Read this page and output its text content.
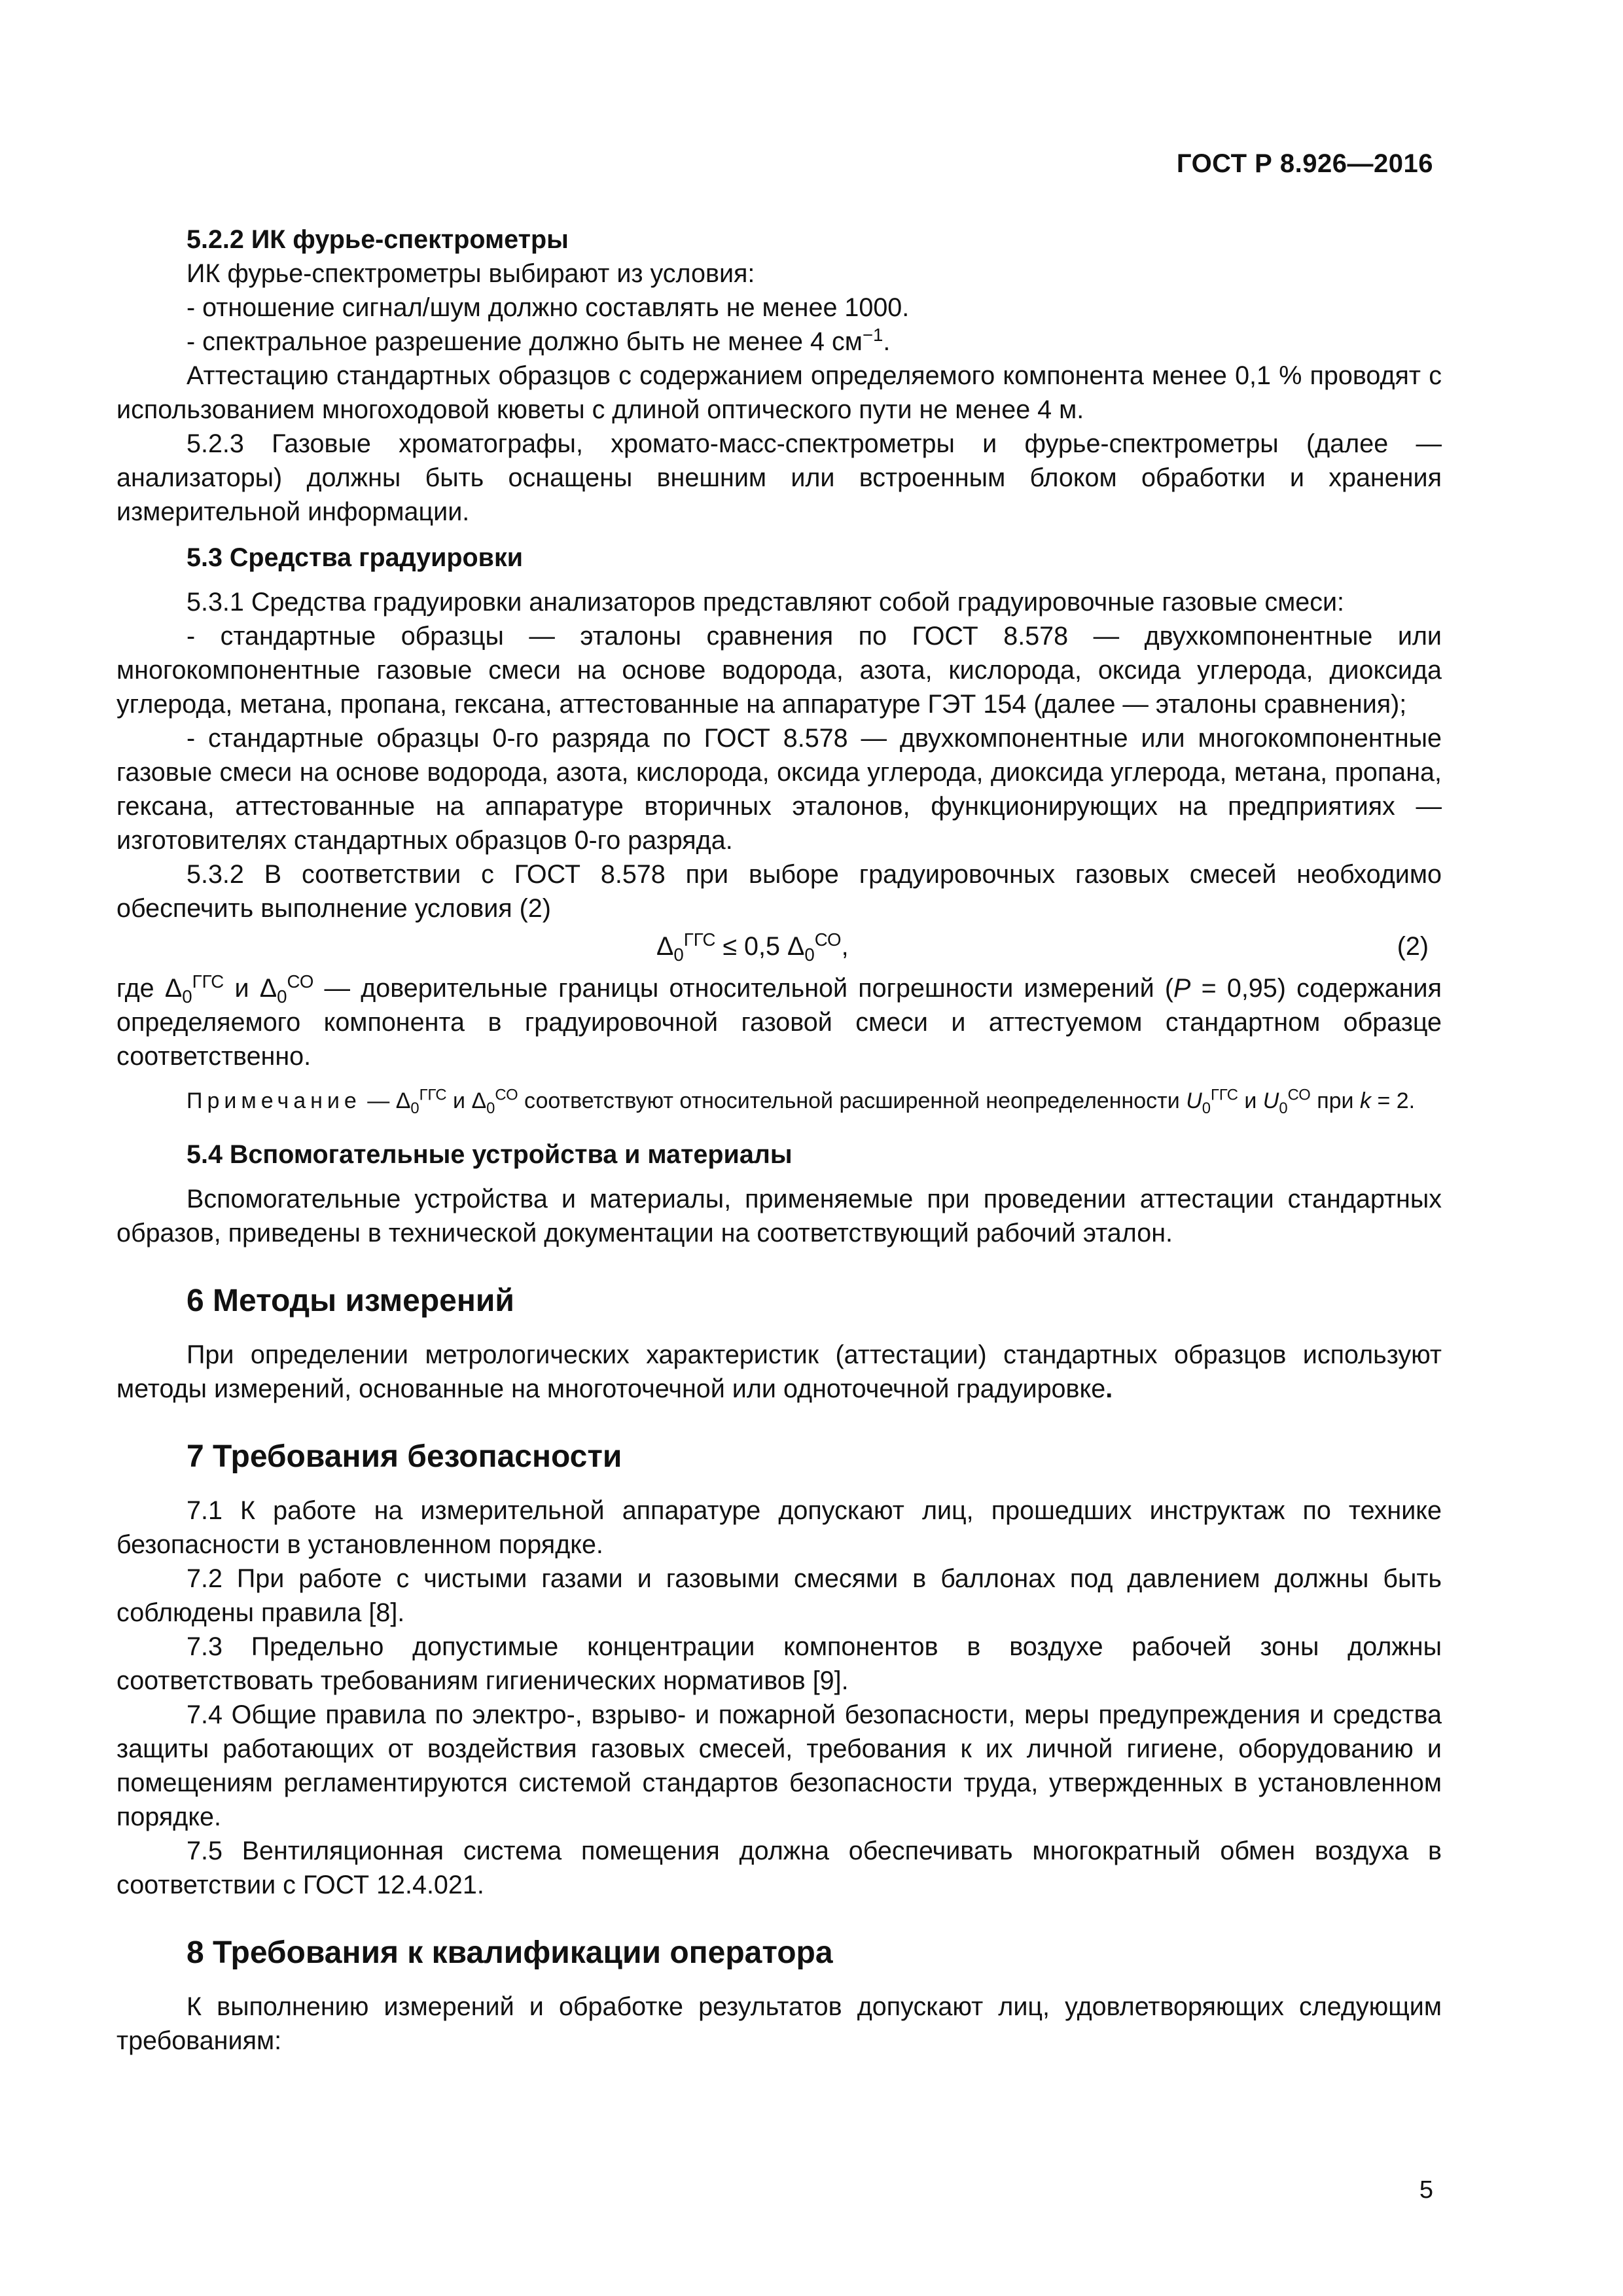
ГОСТ Р 8.926—2016

5.2.2 ИК фурье-спектрометры

ИК фурье-спектрометры выбирают из условия:

- отношение сигнал/шум должно составлять не менее 1000.

- спектральное разрешение должно быть не менее 4 $см^{-1}$.

Аттестацию стандартных образцов с содержанием определяемого компонента менее 0,1 % проводят с использованием многоходовой кюветы с длиной оптического пути не менее 4 м.

5.2.3 Газовые хроматографы, хромато-масс-спектрометры и фурье-спектрометры (далее — анализаторы) должны быть оснащены внешним или встроенным блоком обработки и хранения измерительной информации.

5.3 Средства градуировки

5.3.1 Средства градуировки анализаторов представляют собой градуировочные газовые смеси:

- стандартные образцы — эталоны сравнения по ГОСТ 8.578 — двухкомпонентные или многокомпонентные газовые смеси на основе водорода, азота, кислорода, оксида углерода, диоксида углерода, метана, пропана, гексана, аттестованные на аппаратуре ГЭТ 154 (далее — эталоны сравнения);

- стандартные образцы 0-го разряда по ГОСТ 8.578 — двухкомпонентные или многокомпонентные газовые смеси на основе водорода, азота, кислорода, оксида углерода, диоксида углерода, метана, пропана, гексана, аттестованные на аппаратуре вторичных эталонов, функционирующих на предприятиях — изготовителях стандартных образцов 0-го разряда.

5.3.2 В соответствии с ГОСТ 8.578 при выборе градуировочных газовых смесей необходимо обеспечить выполнение условия (2)

$\Delta_0^{ГГС} \le 0,5$ $\Delta_0^{СО}$,	(2)

где $\Delta_0^{ГГС}$ и $\Delta_0^{СО}$ — доверительные границы относительной погрешности измерений (P = 0,95) содержания определяемого компонента в градуировочной газовой смеси и аттестуемом стандартном образце соответственно.

Примечание — $\Delta_0^{ГГС}$ и $\Delta_0^{СО}$ соответствуют относительной расширенной неопределенности $U_0^{ГГС}$ и $U_0^{СО}$ при k = 2.

5.4 Вспомогательные устройства и материалы

Вспомогательные устройства и материалы, применяемые при проведении аттестации стандартных образов, приведены в технической документации на соответствующий рабочий эталон.

6 Методы измерений

При определении метрологических характеристик (аттестации) стандартных образцов используют методы измерений, основанные на многоточечной или одноточечной градуировке.

7 Требования безопасности

7.1 К работе на измерительной аппаратуре допускают лиц, прошедших инструктаж по технике безопасности в установленном порядке.

7.2 При работе с чистыми газами и газовыми смесями в баллонах под давлением должны быть соблюдены правила [8].

7.3 Предельно допустимые концентрации компонентов в воздухе рабочей зоны должны соответствовать требованиям гигиенических нормативов [9].

7.4 Общие правила по электро-, взрыво- и пожарной безопасности, меры предупреждения и средства защиты работающих от воздействия газовых смесей, требования к их личной гигиене, оборудованию и помещениям регламентируются системой стандартов безопасности труда, утвержденных в установленном порядке.

7.5 Вентиляционная система помещения должна обеспечивать многократный обмен воздуха в соответствии с ГОСТ 12.4.021.

8 Требования к квалификации оператора

К выполнению измерений и обработке результатов допускают лиц, удовлетворяющих следующим требованиям:

5
